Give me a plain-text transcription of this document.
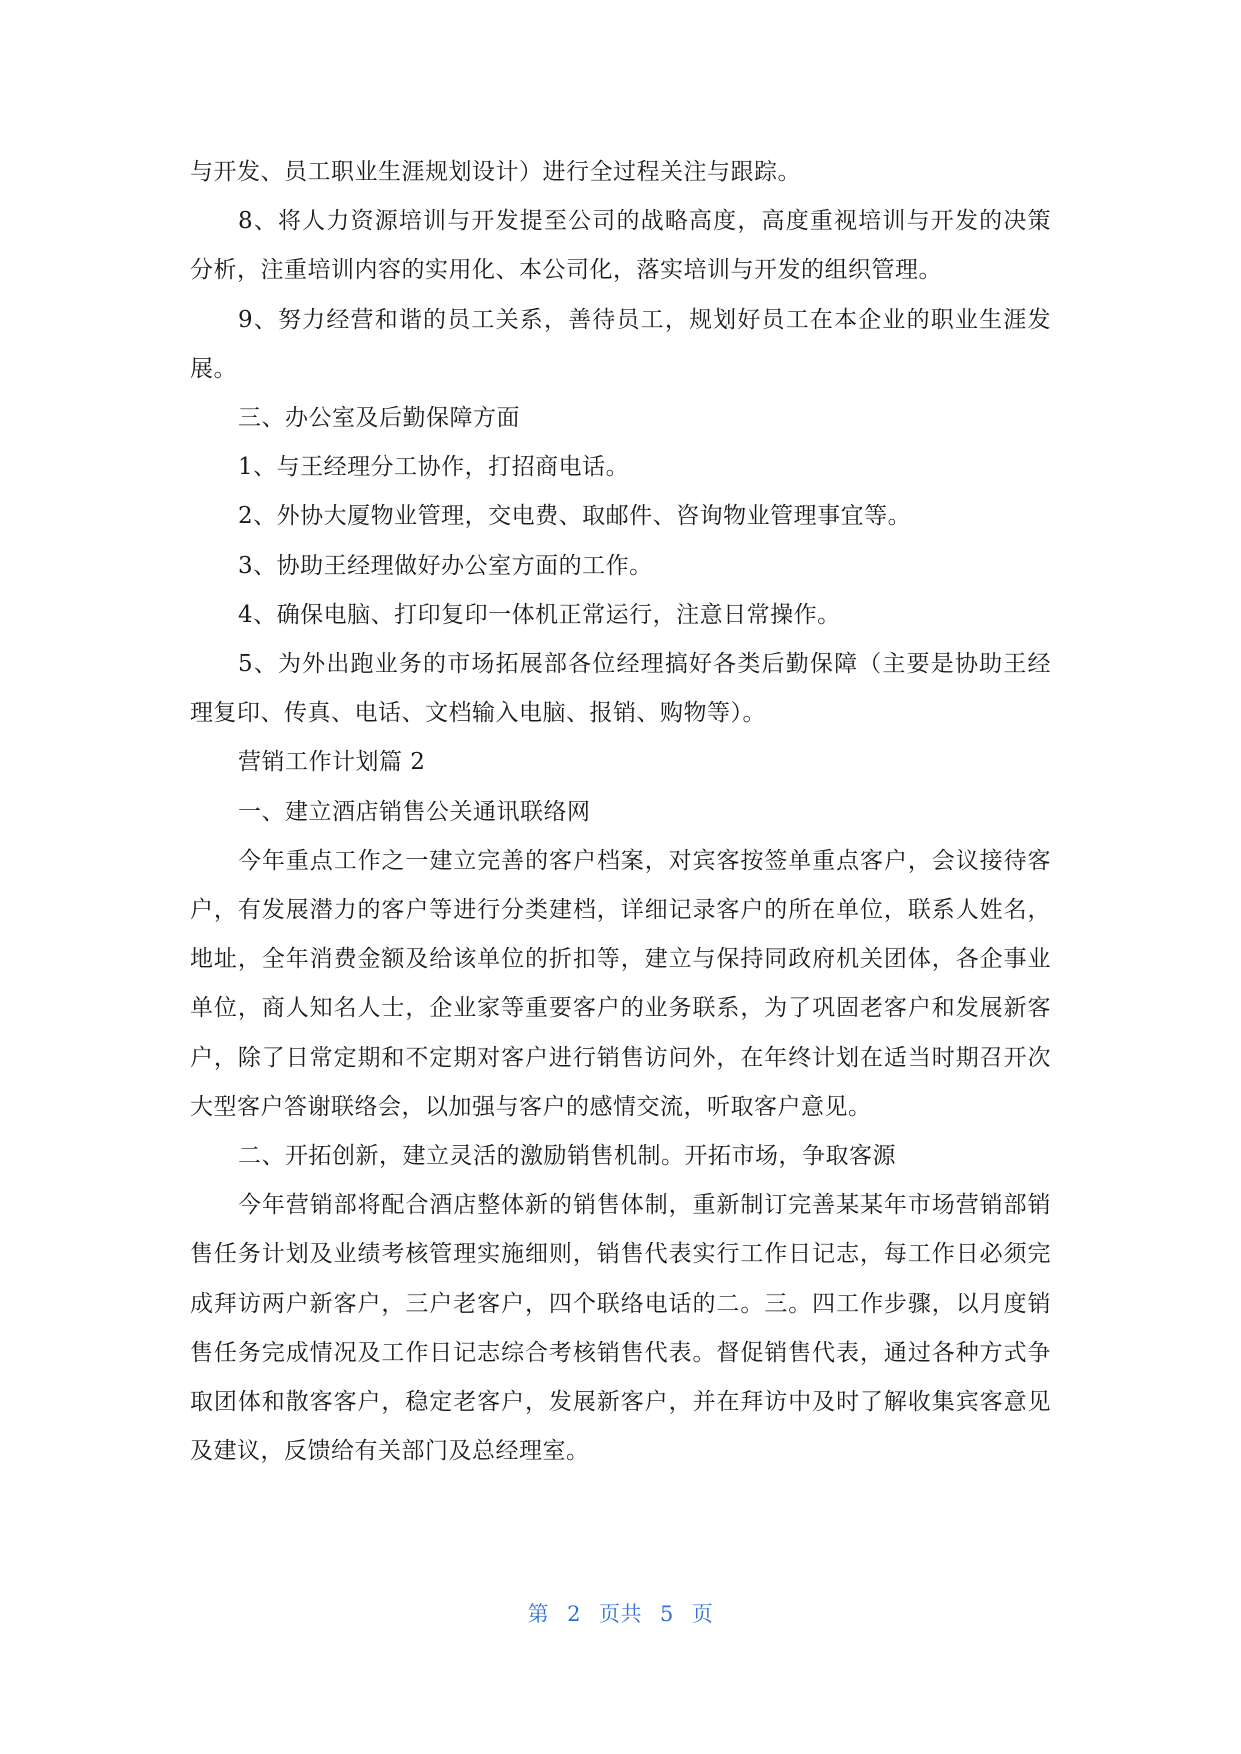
与开发、员工职业生涯规划设计）进行全过程关注与跟踪。

8、将人力资源培训与开发提至公司的战略高度，高度重视培训与开发的决策分析，注重培训内容的实用化、本公司化，落实培训与开发的组织管理。

9、努力经营和谐的员工关系，善待员工，规划好员工在本企业的职业生涯发展。

三、办公室及后勤保障方面

1、与王经理分工协作，打招商电话。

2、外协大厦物业管理，交电费、取邮件、咨询物业管理事宜等。

3、协助王经理做好办公室方面的工作。

4、确保电脑、打印复印一体机正常运行，注意日常操作。

5、为外出跑业务的市场拓展部各位经理搞好各类后勤保障（主要是协助王经理复印、传真、电话、文档输入电脑、报销、购物等）。

营销工作计划篇 2

一、建立酒店销售公关通讯联络网

今年重点工作之一建立完善的客户档案，对宾客按签单重点客户，会议接待客户，有发展潜力的客户等进行分类建档，详细记录客户的所在单位，联系人姓名，地址，全年消费金额及给该单位的折扣等，建立与保持同政府机关团体，各企事业单位，商人知名人士，企业家等重要客户的业务联系，为了巩固老客户和发展新客户，除了日常定期和不定期对客户进行销售访问外，在年终计划在适当时期召开次大型客户答谢联络会，以加强与客户的感情交流，听取客户意见。

二、开拓创新，建立灵活的激励销售机制。开拓市场，争取客源

今年营销部将配合酒店整体新的销售体制，重新制订完善某某年市场营销部销售任务计划及业绩考核管理实施细则，销售代表实行工作日记志，每工作日必须完成拜访两户新客户，三户老客户，四个联络电话的二。三。四工作步骤，以月度销售任务完成情况及工作日记志综合考核销售代表。督促销售代表，通过各种方式争取团体和散客客户，稳定老客户，发展新客户，并在拜访中及时了解收集宾客意见及建议，反馈给有关部门及总经理室。

第 2 页共 5 页
